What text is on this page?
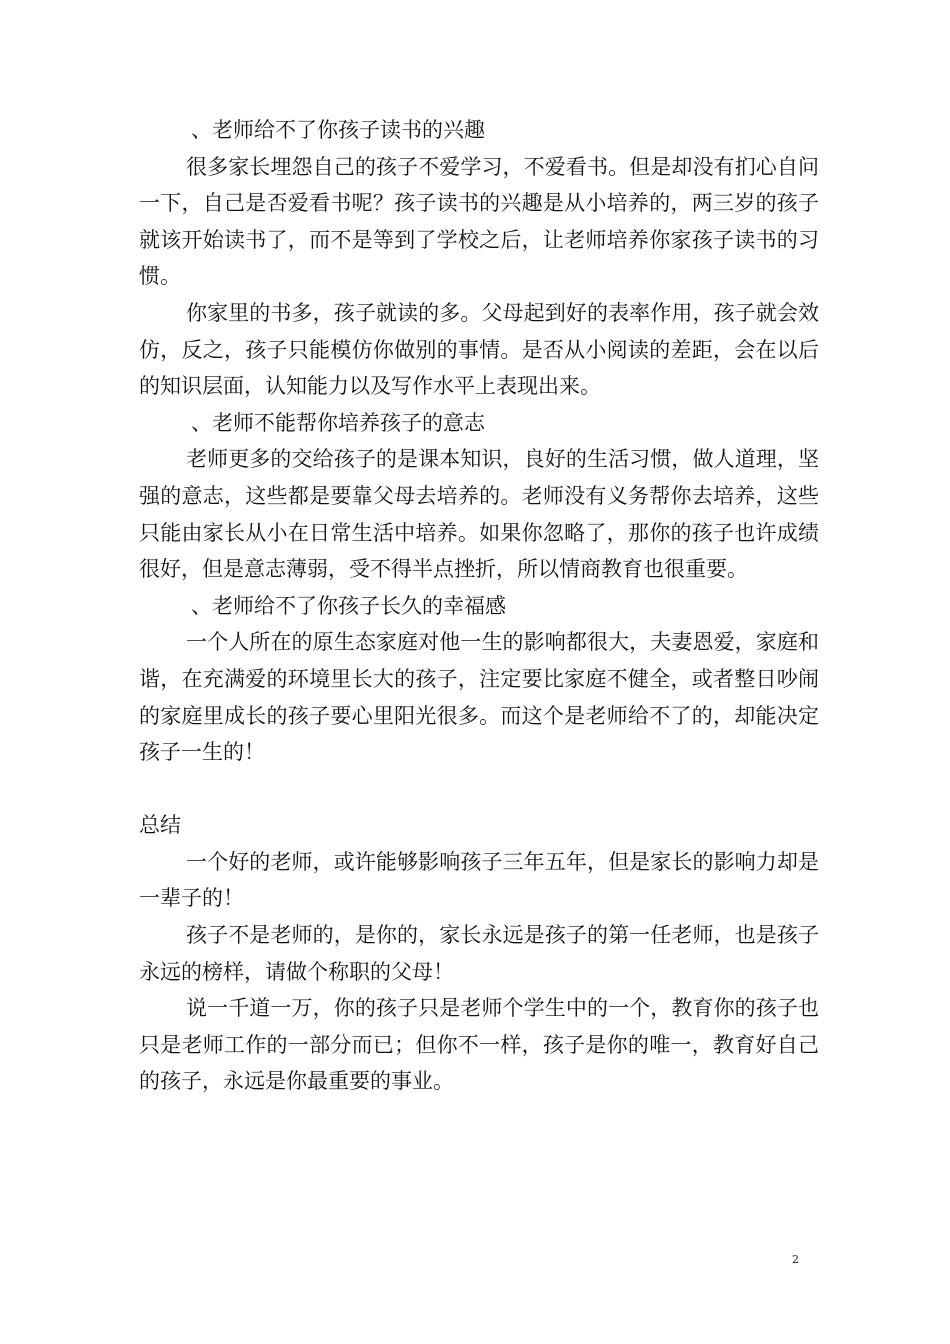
、老师给不了你孩子读书的兴趣

很多家长埋怨自己的孩子不爱学习，不爱看书。但是却没有扪心自问一下，自己是否爱看书呢？孩子读书的兴趣是从小培养的，两三岁的孩子就该开始读书了，而不是等到了学校之后，让老师培养你家孩子读书的习惯。

你家里的书多，孩子就读的多。父母起到好的表率作用，孩子就会效仿，反之，孩子只能模仿你做别的事情。是否从小阅读的差距，会在以后的知识层面，认知能力以及写作水平上表现出来。

、老师不能帮你培养孩子的意志

老师更多的交给孩子的是课本知识，良好的生活习惯，做人道理，坚强的意志，这些都是要靠父母去培养的。老师没有义务帮你去培养，这些只能由家长从小在日常生活中培养。如果你忽略了，那你的孩子也许成绩很好，但是意志薄弱，受不得半点挫折，所以情商教育也很重要。

、老师给不了你孩子长久的幸福感

一个人所在的原生态家庭对他一生的影响都很大，夫妻恩爱，家庭和谐，在充满爱的环境里长大的孩子，注定要比家庭不健全，或者整日吵闹的家庭里成长的孩子要心里阳光很多。而这个是老师给不了的，却能决定孩子一生的！

总结

一个好的老师，或许能够影响孩子三年五年，但是家长的影响力却是一辈子的！

孩子不是老师的，是你的，家长永远是孩子的第一任老师，也是孩子永远的榜样，请做个称职的父母！

说一千道一万，你的孩子只是老师个学生中的一个，教育你的孩子也只是老师工作的一部分而已；但你不一样，孩子是你的唯一，教育好自己的孩子，永远是你最重要的事业。

2
